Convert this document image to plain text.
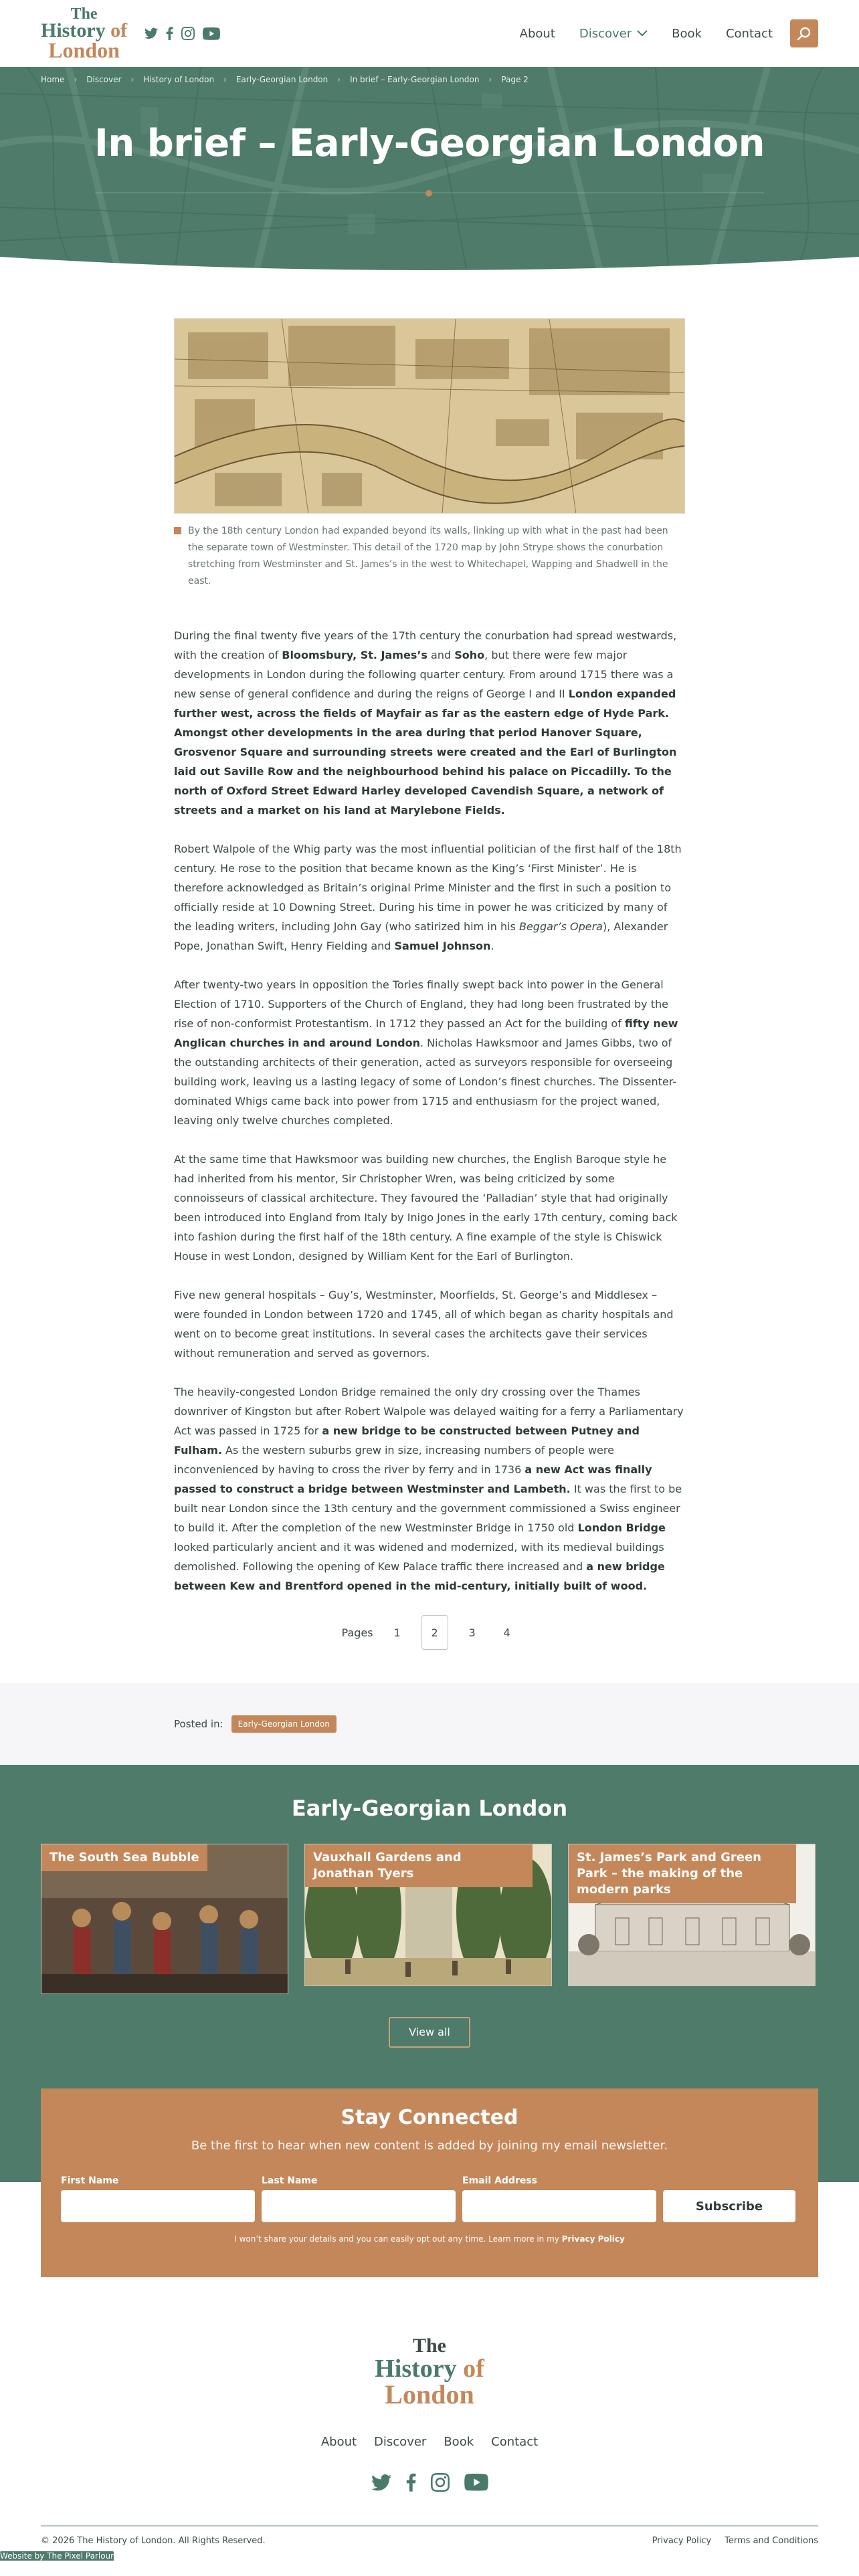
The
History of
London
About Discover	Book Contact
Home › Discover › History of London › Early-Georgian London › In brief – Early-Georgian London › Page 2
In brief – Early-Georgian London
By the 18th century London had expanded beyond its walls, linking up with what in the past had been the separate town of Westminster. This detail of the 1720 map by John Strype shows the conurbation stretching from Westminster and St. James’s in the west to Whitechapel, Wapping and Shadwell in the east.

During the final twenty five years of the 17th century the conurbation had spread westwards, with the creation of Bloomsbury, St. James’s and Soho, but there were few major developments in London during the following quarter century. From around 1715 there was a new sense of general confidence and during the reigns of George I and II London expanded further west, across the fields of Mayfair as far as the eastern edge of Hyde Park. Amongst other developments in the area during that period Hanover Square, Grosvenor Square and surrounding streets were created and the Earl of Burlington laid out Saville Row and the neighbourhood behind his palace on Piccadilly. To the north of Oxford Street Edward Harley developed Cavendish Square, a network of streets and a market on his land at Marylebone Fields.

Robert Walpole of the Whig party was the most influential politician of the first half of the 18th century. He rose to the position that became known as the King’s ‘First Minister’. He is therefore acknowledged as Britain’s original Prime Minister and the first in such a position to officially reside at 10 Downing Street. During his time in power he was criticized by many of the leading writers, including John Gay (who satirized him in his Beggar’s Opera), Alexander Pope, Jonathan Swift, Henry Fielding and Samuel Johnson.

After twenty-two years in opposition the Tories finally swept back into power in the General Election of 1710. Supporters of the Church of England, they had long been frustrated by the rise of non-conformist Protestantism. In 1712 they passed an Act for the building of fifty new Anglican churches in and around London. Nicholas Hawksmoor and James Gibbs, two of the outstanding architects of their generation, acted as surveyors responsible for overseeing building work, leaving us a lasting legacy of some of London’s finest churches. The Dissenter-dominated Whigs came back into power from 1715 and enthusiasm for the project waned, leaving only twelve churches completed.

At the same time that Hawksmoor was building new churches, the English Baroque style he had inherited from his mentor, Sir Christopher Wren, was being criticized by some connoisseurs of classical architecture. They favoured the ‘Palladian’ style that had originally been introduced into England from Italy by Inigo Jones in the early 17th century, coming back into fashion during the first half of the 18th century. A fine example of the style is Chiswick House in west London, designed by William Kent for the Earl of Burlington.

Five new general hospitals – Guy’s, Westminster, Moorfields, St. George’s and Middlesex – were founded in London between 1720 and 1745, all of which began as charity hospitals and went on to become great institutions. In several cases the architects gave their services without remuneration and served as governors.

The heavily-congested London Bridge remained the only dry crossing over the Thames downriver of Kingston but after Robert Walpole was delayed waiting for a ferry a Parliamentary Act was passed in 1725 for a new bridge to be constructed between Putney and Fulham. As the western suburbs grew in size, increasing numbers of people were inconvenienced by having to cross the river by ferry and in 1736 a new Act was finally passed to construct a bridge between Westminster and Lambeth. It was the first to be built near London since the 13th century and the government commissioned a Swiss engineer to build it. After the completion of the new Westminster Bridge in 1750 old London Bridge looked particularly ancient and it was widened and modernized, with its medieval buildings demolished. Following the opening of Kew Palace traffic there increased and a new bridge between Kew and Brentford opened in the mid-century, initially built of wood.

Pages	1	2	3	4
Posted in:	Early-Georgian London
Early-Georgian London
The South Sea Bubble	Vauxhall Gardens and Jonathan Tyers
St. James’s Park and Green Park – the making of the modern parks
View all
Stay Connected
Be the first to hear when new content is added by joining my email newsletter.
First Name	Last Name	Email Address
Subscribe
I won’t share your details and you can easily opt out any time. Learn more in my Privacy Policy
The
History of
London
About Discover Book Contact
© 2026 The History of London. All Rights Reserved.	Privacy Policy Terms and Conditions
Website by The Pixel Parlour
